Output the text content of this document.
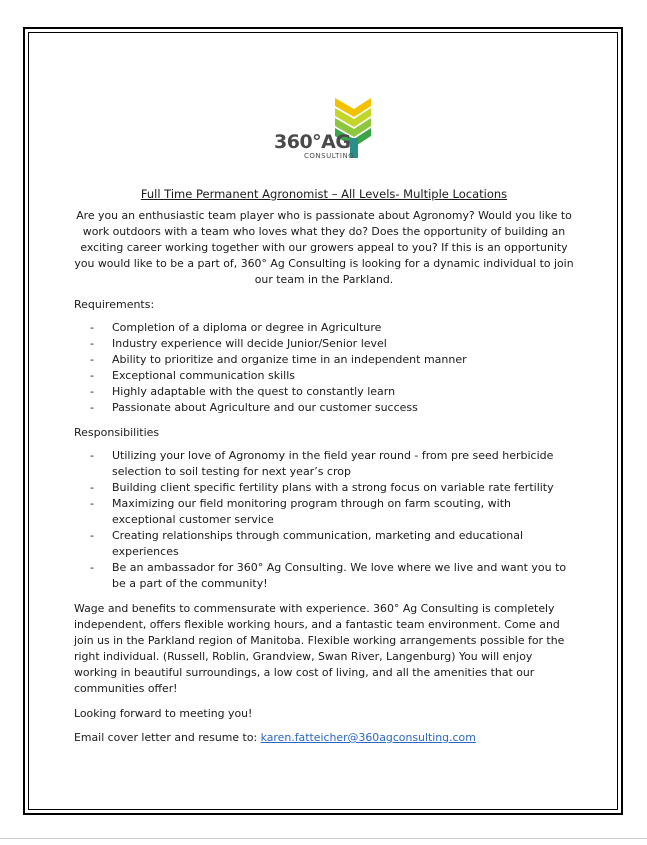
360°AG
CONSULTING
Full Time Permanent Agronomist – All Levels- Multiple Locations
Are you an enthusiastic team player who is passionate about Agronomy? Would you like to work outdoors with a team who loves what they do? Does the opportunity of building an exciting career working together with our growers appeal to you? If this is an opportunity you would like to be a part of, 360° Ag Consulting is looking for a dynamic individual to join our team in the Parkland.
Requirements:
- Completion of a diploma or degree in Agriculture
- Industry experience will decide Junior/Senior level
- Ability to prioritize and organize time in an independent manner
- Exceptional communication skills
- Highly adaptable with the quest to constantly learn
- Passionate about Agriculture and our customer success
Responsibilities
- Utilizing your love of Agronomy in the field year round - from pre seed herbicide selection to soil testing for next year’s crop
- Building client specific fertility plans with a strong focus on variable rate fertility
- Maximizing our field monitoring program through on farm scouting, with exceptional customer service
- Creating relationships through communication, marketing and educational experiences
- Be an ambassador for 360° Ag Consulting. We love where we live and want you to be a part of the community!
Wage and benefits to commensurate with experience. 360° Ag Consulting is completely independent, offers flexible working hours, and a fantastic team environment. Come and join us in the Parkland region of Manitoba. Flexible working arrangements possible for the right individual. (Russell, Roblin, Grandview, Swan River, Langenburg) You will enjoy working in beautiful surroundings, a low cost of living, and all the amenities that our communities offer!
Looking forward to meeting you!
Email cover letter and resume to: karen.fatteicher@360agconsulting.com
